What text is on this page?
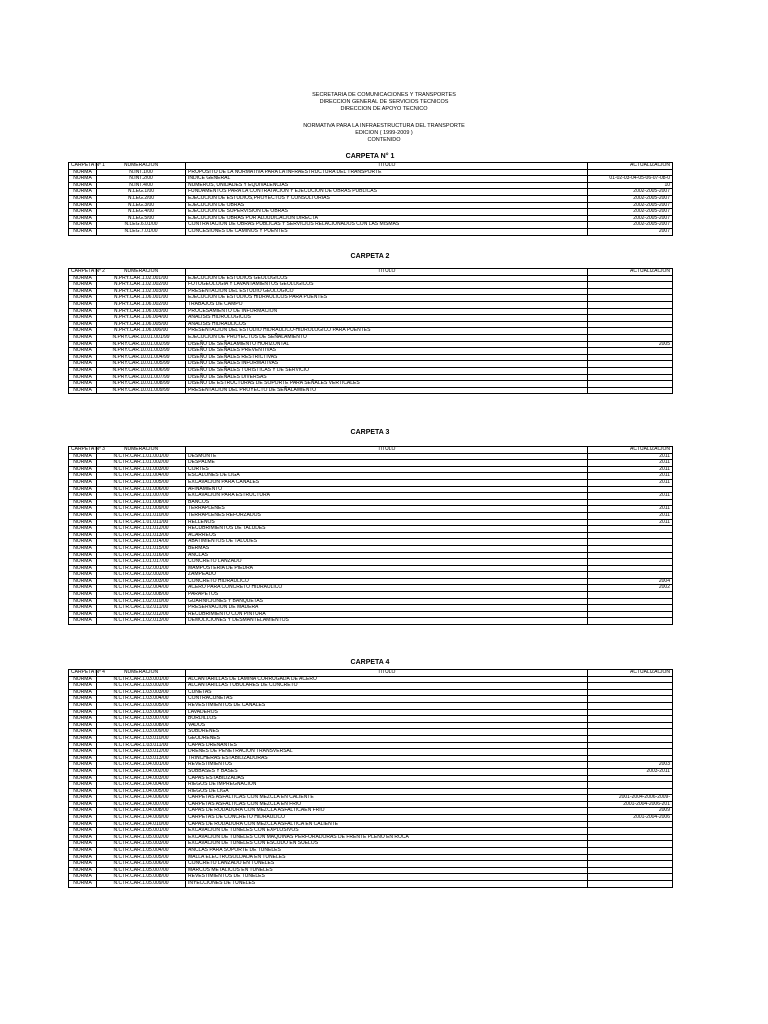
SECRETARIA DE COMUNICACIONES Y TRANSPORTES
DIRECCION GENERAL DE SERVICIOS TECNICOS
DIRECCION DE APOYO TECNICO
NORMATIVA PARA LA INFRAESTRUCTURA DEL TRANSPORTE
EDICION ( 1999-2009 )
CONTENIDO
CARPETA N° 1
CARPETA Nº 1	NUMERACION	TITULO	ACTUALIZACION
NORMA	N.INT.1/00	PROPOSITO DE LA NORMATIVA PARA LA INFRAESTRUCTURA DEL TRANSPORTE	
NORMA	N.INT.2/00	INDICE GENERAL	01-02-03-04-05-06-07-08-0
NORMA	N.INT.4/00	NUMEROS, UNIDADES Y EQUIVALENCIAS	10
NORMA	N.LEG.1/00	FUNDAMENTOS PARA LA CONTRATACION Y EJECUCION DE OBRAS PUBLICAS	2002-2005-2007
NORMA	N.LEG.2/00	EJECUCION DE ESTUDIOS,PROYECTOS Y CONSULTORIAS	2002-2005-2007
NORMA	N.LEG.3/00	EJECUCION DE OBRAS	2002-2005-2007
NORMA	N.LEG.4/00	EJECUCION DE SUPERVISION DE OBRAS	2002-2005-2007
NORMA	N.LEG.5/00	EJECUCION DE OBRAS POR ADJUDICACION DIRECTA	2002-2005-2007
NORMA	N.LEG.6.01/00	CONTRATACION DE OBRAS PUBLICAS Y SERVICIOS RELACIONADOS CON LAS MISMAS	2002-2005-2007
NORMA	N.LEG.7.01/00	CONCESIONES DE CAMINOS Y PUENTES	2007
CARPETA 2
CARPETA Nº 2	NUMERACION	TITULO	ACTUALIZACION
NORMA	N.PRY.CAR.1.02.001/00	EJECUCION DE ESTUDIOS GEOLOGICOS	
NORMA	N.PRY.CAR.1.02.002/00	FOTOGEOLOGIA Y LAVANTAMIENTOS GEOLOGICOS	
NORMA	N.PRY.CAR.1.02.003/00	PRESENTACION DEL ESTUDIO GEOLOGICO	
NORMA	N.PRY.CAR.1.06.001/00	EJECUCION DE ESTUDIOS HIDRAULICOS PARA PUENTES	
NORMA	N.PRY.CAR.1.06.002/00	TRABAJOS DE CAMPO	
NORMA	N.PRY.CAR.1.06.003/00	PROCESAMIENTO DE INFORMACION	
NORMA	N.PRY.CAR.1.06.004/00	ANALISIS HIDROLOGICOS	
NORMA	N.PRY.CAR.1.06.005/00	ANALISIS HIDRAULICOS	
NORMA	N.PRY.CAR.1.06.006/00	PRESENTACION DEL ESTUDIO HIDRAULICO-HIDROLOGICO PARA PUENTES	
NORMA	N.PRY.CAR.10.01.001/99	EJECUCION DE PROYECTOS DE SEÑALAMIENTO	
NORMA	N.PRY.CAR.10.01.002/99	DISEÑO DE SEÑALAMIENTO HORIZONTAL	2005
NORMA	N.PRY.CAR.10.01.003/99	DISEÑO DE SEÑALES PREVENTIVAS	
NORMA	N.PRY.CAR.10.01.004/99	DISEÑO DE SEÑALES RESTRICTIVAS	
NORMA	N.PRY.CAR.10.01.005/99	DISEÑO DE SEÑALES INFORMATIVAS	
NORMA	N.PRY.CAR.10.01.006/99	DISEÑO DE SEÑALES TURISTICAS Y DE SERVICIO	
NORMA	N.PRY.CAR.10.01.007/99	DISEÑO DE SEÑALES DIVERSAS	
NORMA	N.PRY.CAR.10.01.008/99	DISEÑO DE ESTRUCTURAS DE SOPORTE PARA SEÑALES VERTICALES	
NORMA	N.PRY.CAR.10.01.009/99	PRESENTACION DEL PROYECTO DE SEÑALAMIENTO	
CARPETA 3
CARPETA Nº 3	NUMERACION	TITULO	ACTUALIZACION
NORMA	N.CTR.CAR.1.01.001/00	DESMONTE	2011
NORMA	N.CTR.CAR.1.01.002/00	DESPALME	2011
NORMA	N.CTR.CAR.1.01.003/00	CORTES	2011
NORMA	N.CTR.CAR.1.01.004/00	ESCALONES DE LIGA	2011
NORMA	N.CTR.CAR.1.01.005/00	EXCAVACION PARA CANALES	2011
NORMA	N.CTR.CAR.1.01.006/00	AFINAMIENTO	
NORMA	N.CTR.CAR.1.01.007/00	EXCAVACION PARA ESTRUCTURA	2011
NORMA	N.CTR.CAR.1.01.008/00	BANCOS	
NORMA	N.CTR.CAR.1.01.009/00	TERRAPLENES	2011
NORMA	N.CTR.CAR.1.01.010/00	TERRAPLENES REFORZADOS	2011
NORMA	N.CTR.CAR.1.01.011/00	RELLENOS	2011
NORMA	N.CTR.CAR.1.01.012/00	RECUBRIMIENTOS DE TALUDES	
NORMA	N.CTR.CAR.1.01.013/00	ACARREOS	
NORMA	N.CTR.CAR.1.01.014/00	ABATIMIENTOS DE TALUDES	
NORMA	N.CTR.CAR.1.01.015/00	BERMAS	
NORMA	N.CTR.CAR.1.01.016/00	ANCLAS	
NORMA	N.CTR.CAR.1.01.017/00	CONCRETO LANZADO	
NORMA	N.CTR.CAR.1.02.001/00	MAMPOSTERIA DE PIEDRA	
NORMA	N.CTR.CAR.1.02.002/00	ZAMPEADO	
NORMA	N.CTR.CAR.1.02.003/00	CONCRETO HIDRAULICO	2004
NORMA	N.CTR.CAR.1.02.004/00	ACERO PARA CONCRETO HIDRAULICO	2002
NORMA	N.CTR.CAR.1.02.008/00	PARAPETOS	
NORMA	N.CTR.CAR.1.02.010/00	GUARNICIONES Y BANQUETAS	
NORMA	N.CTR.CAR.1.02.011/00	PRESERVACION DE MADERA	
NORMA	N.CTR.CAR.1.02.012/00	RECUBRIMIENTO CON PINTURA	
NORMA	N.CTR.CAR.1.02.013/00	DEMOLICIONES Y DESMANTELAMIENTOS	
CARPETA 4
CARPETA Nº 4	NUMERACION	TITULO	ACTUALIZACION
NORMA	N.CTR.CAR.1.03.001/00	ALCANTARILLAS DE LAMINA CORRUGADA DE ACERO	
NORMA	N.CTR.CAR.1.03.002/00	ALCANTARILLAS TUBULARES DE CONCRETO	
NORMA	N.CTR.CAR.1.03.003/00	CUNETAS	
NORMA	N.CTR.CAR.1.03.004/00	CONTRACUNETAS	
NORMA	N.CTR.CAR.1.03.005/00	REVESTIMIENTOS DE CANALES	
NORMA	N.CTR.CAR.1.03.006/00	LAVADEROS	
NORMA	N.CTR.CAR.1.03.007/00	BORDILLOS	
NORMA	N.CTR.CAR.1.03.008/00	VADOS	
NORMA	N.CTR.CAR.1.03.009/00	SUBDRENES	
NORMA	N.CTR.CAR.1.03.010/00	GEODRENES	
NORMA	N.CTR.CAR.1.03.011/00	CAPAS DRENANTES	
NORMA	N.CTR.CAR.1.03.012/00	DRENES DE PENETRACION TRANSVERSAL	
NORMA	N.CTR.CAR.1.03.013/00	TRINCHERAS ESTABILIZADORAS	
NORMA	N.CTR.CAR.1.04.001/00	REVESTIMIENTOS	2003
NORMA	N.CTR.CAR.1.04.002/00	SUBBASES Y BASES	2003-2011
NORMA	N.CTR.CAR.1.04.003/00	CAPAS ESTABILIZADAS	
NORMA	N.CTR.CAR.1.04.004/00	RIEGOS DE IMPREGNACION	
NORMA	N.CTR.CAR.1.04.005/00	RIEGOS DE LIGA	
NORMA	N.CTR.CAR.1.04.006/00	CARPETAS ASFALTICAS CON MEZCLA EN CALIENTE	2001-2004-2006-2009-
NORMA	N.CTR.CAR.1.04.007/00	CARPETAS ASFALTICAS CON MEZCLA EN FRIO	2001-2004-2006-201
NORMA	N.CTR.CAR.1.04.008/00	CAPAS DE RODADURA CON MEZCLA ASFALTICAEN FRIO	2009
NORMA	N.CTR.CAR.1.04.009/00	CARPETAS DE CONCRETO HIDRAULICO	2001-2004-2006
NORMA	N.CTR.CAR.1.04.010/00	CAPAS DE RODADURA CON MEZCLA ASFALTICA EN CALIENTE	
NORMA	N.CTR.CAR.1.05.001/00	EXCAVACION DE TUNELES CON EXPLOSIVOS	
NORMA	N.CTR.CAR.1.05.002/00	EXCAVACION DE TUNELES CON MAQUINAS PERFORADORAS DE FRENTE PLENO EN ROCA	
NORMA	N.CTR.CAR.1.05.003/00	EXCAVACION DE TUNELES CON ESCUDO EN SUELOS	
NORMA	N.CTR.CAR.1.05.004/00	ANCLAS PARA SOPORTE DE TUNELES	
NORMA	N.CTR.CAR.1.05.005/00	MALLA ELECTROSOLDADA EN TUNELES	
NORMA	N.CTR.CAR.1.05.006/00	CONCRETO LANZADO EN TUNELES	
NORMA	N.CTR.CAR.1.05.007/00	MARCOS METALICOS EN TUNELES	
NORMA	N.CTR.CAR.1.05.008/00	REVESTIMIENTOS DE TUNELES	
NORMA	N.CTR.CAR.1.05.009/00	INYECCIONES DE TUNELES	
